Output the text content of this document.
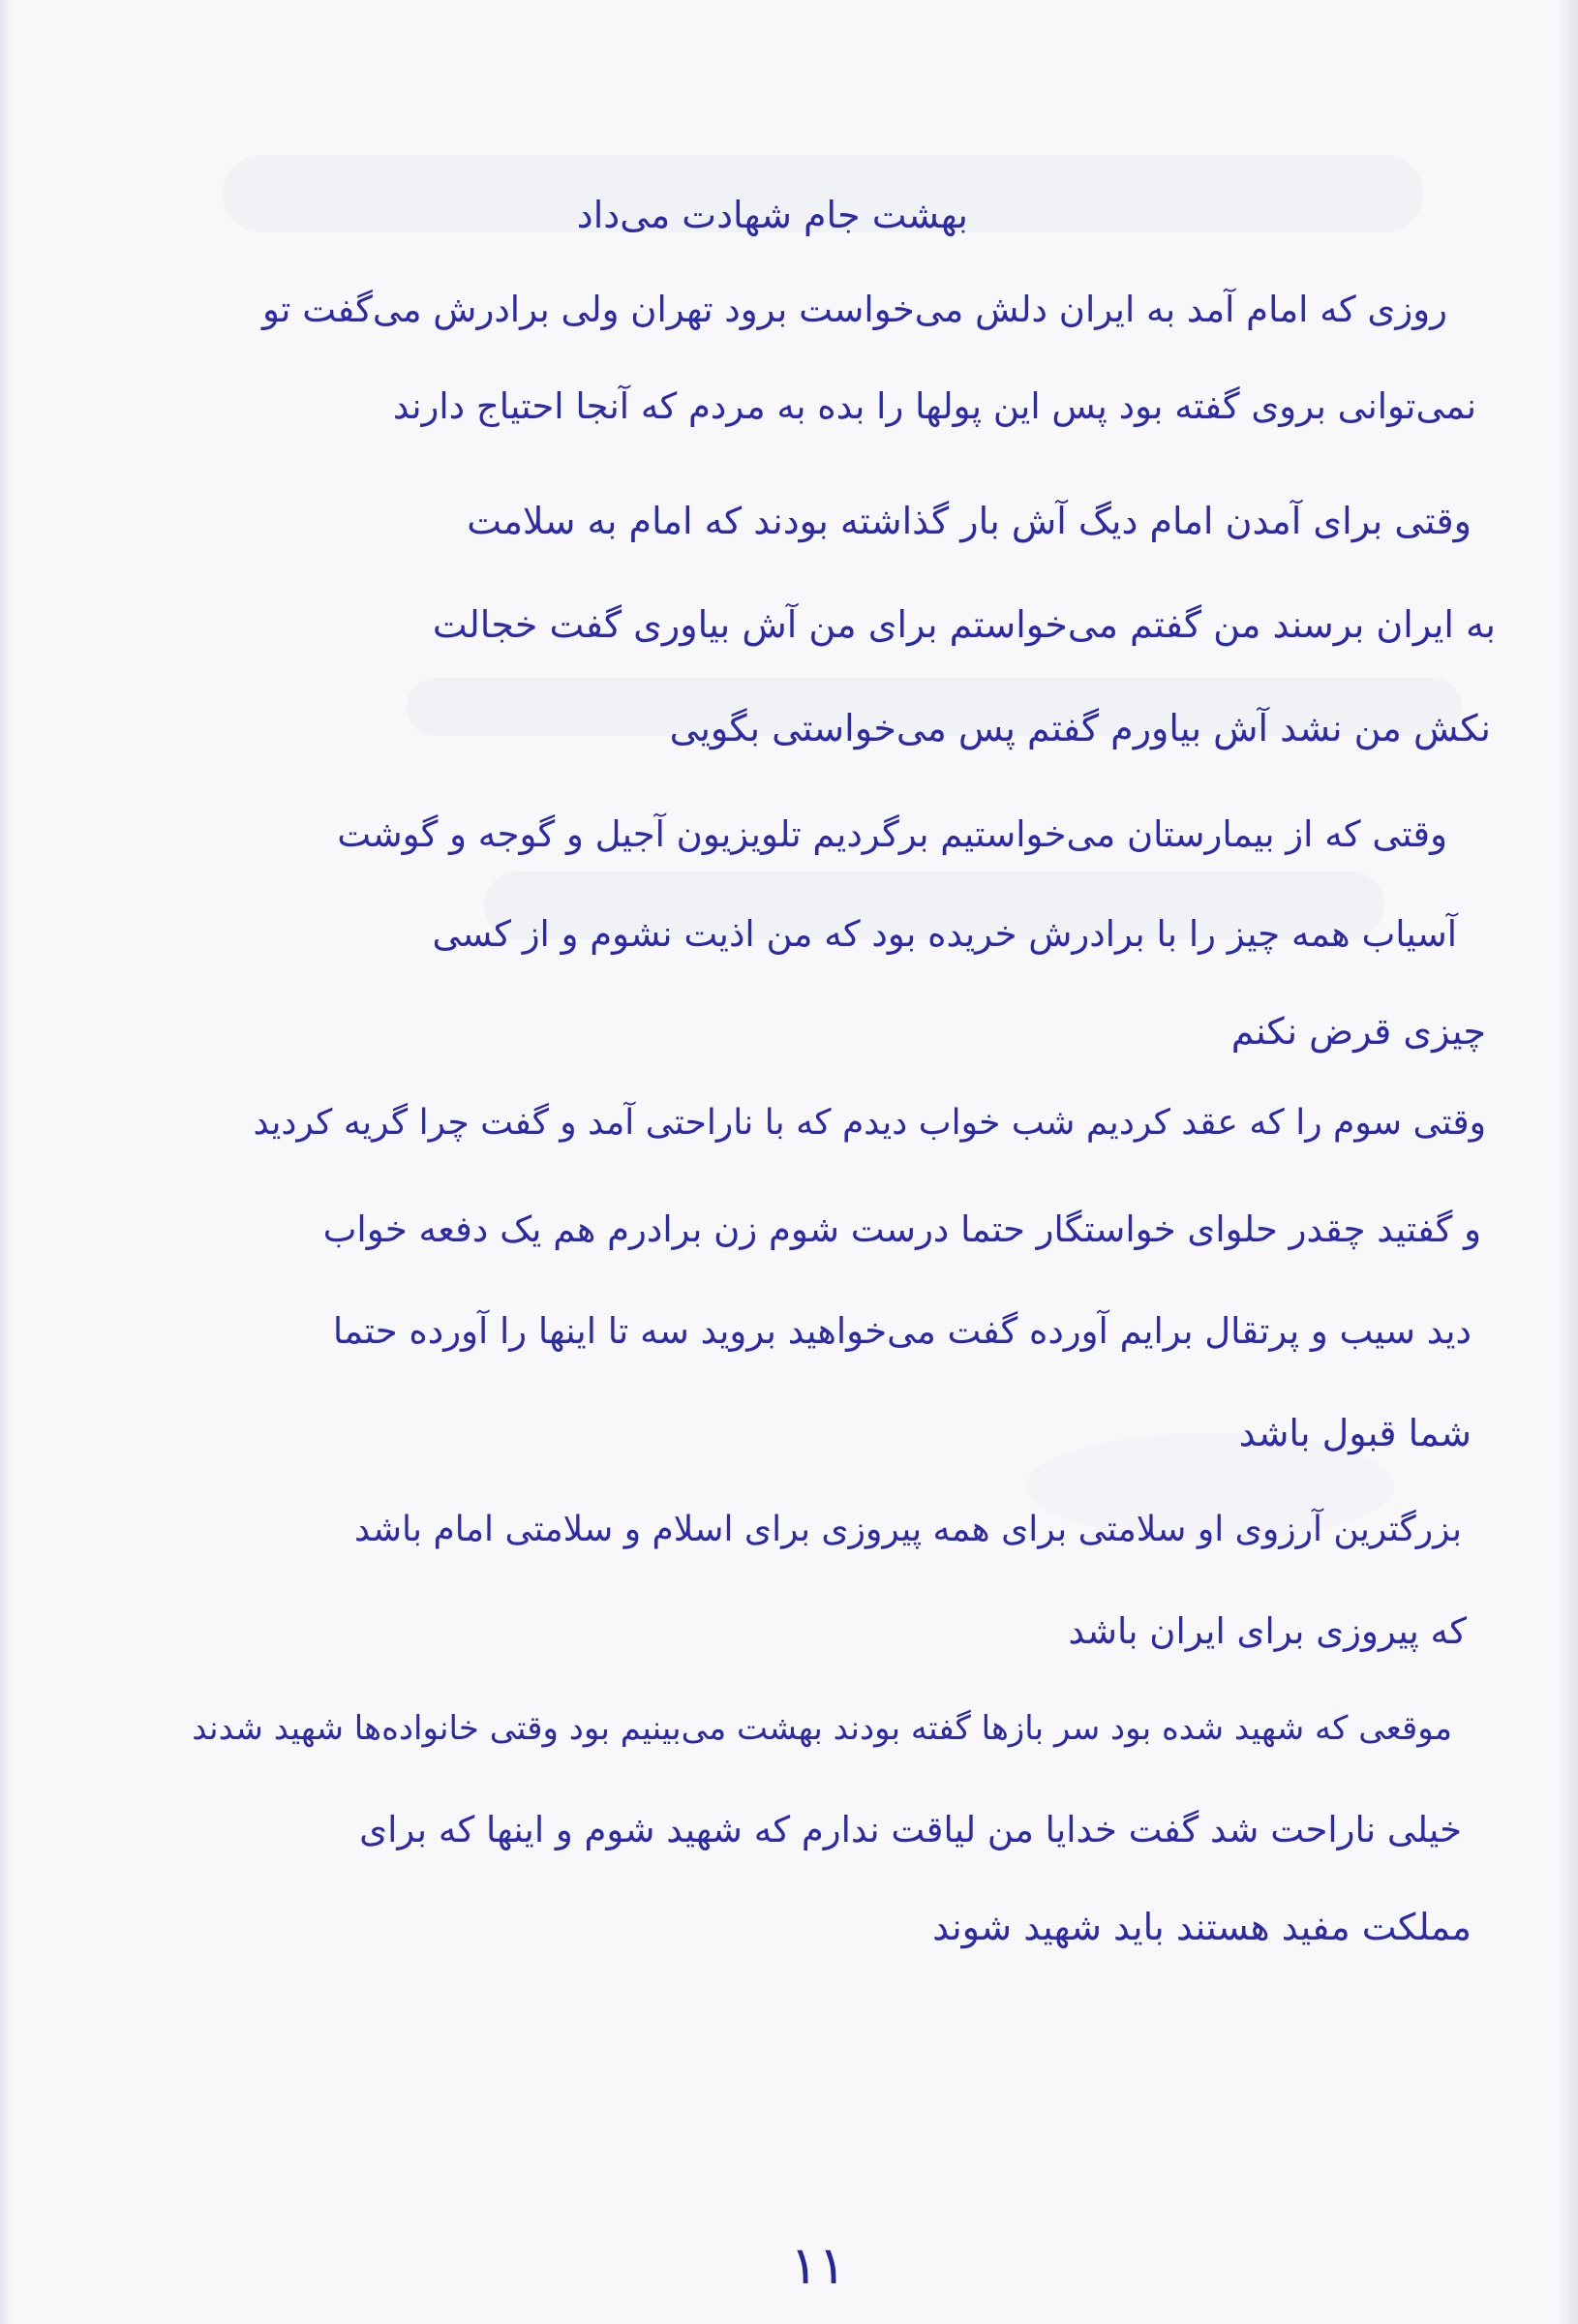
بهشت جام شهادت می‌داد

روزی که امام آمد به ایران دلش می‌خواست برود تهران ولی برادرش می‌گفت تو

نمی‌توانی بروی گفته بود پس این پولها را بده به مردم که آنجا احتیاج دارند

وقتی برای آمدن امام دیگ آش بار گذاشته بودند که امام به سلامت

به ایران برسند من گفتم می‌خواستم برای من آش بیاوری گفت خجالت

نکش من نشد آش بیاورم گفتم پس می‌خواستی بگویی

وقتی که از بیمارستان می‌خواستیم برگردیم تلویزیون آجیل و گوجه و گوشت

آسیاب همه چیز را با برادرش خریده بود که من اذیت نشوم و از کسی

چیزی قرض نکنم

وقتی سوم را که عقد کردیم شب خواب دیدم که با ناراحتی آمد و گفت چرا گریه کردید

و گفتید چقدر حلوای خواستگار حتما درست شوم زن برادرم هم یک دفعه خواب

دید سیب و پرتقال برایم آورده گفت می‌خواهید بروید سه تا اینها را آورده حتما

شما قبول باشد

بزرگترین آرزوی او سلامتی برای همه پیروزی برای اسلام و سلامتی امام باشد

که پیروزی برای ایران باشد

موقعی که شهید شده بود سر بازها گفته بودند بهشت می‌بینیم بود وقتی خانواده‌ها شهید شدند

خیلی ناراحت شد گفت خدایا من لیاقت ندارم که شهید شوم و اینها که برای

مملکت مفید هستند باید شهید شوند

۱۱
